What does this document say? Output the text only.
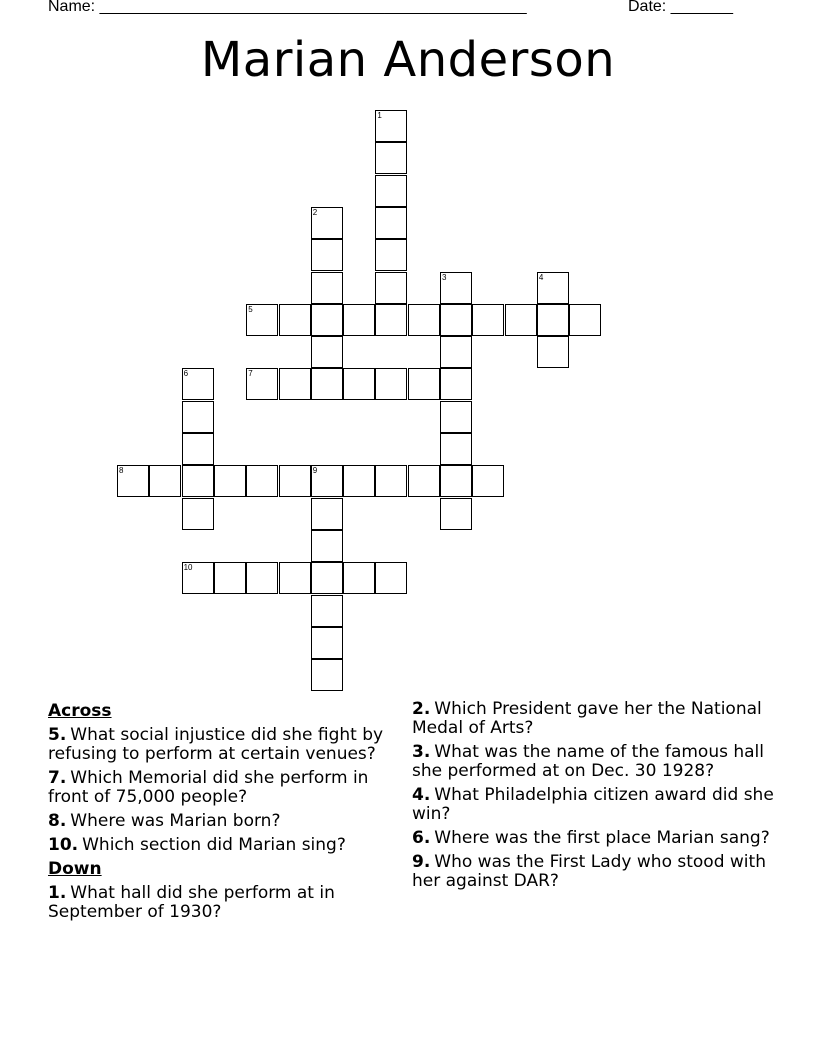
Name: ________________________________________________	Date: _______
Marian Anderson
1
2
3	4
5
6	7
8	9
10
Across
5. What social injustice did she fight by refusing to perform at certain venues?
7. Which Memorial did she perform in front of 75,000 people?
8. Where was Marian born?
10. Which section did Marian sing?
Down
1. What hall did she perform at in September of 1930?
2. Which President gave her the National Medal of Arts?
3. What was the name of the famous hall she performed at on Dec. 30 1928?
4. What Philadelphia citizen award did she win?
6. Where was the first place Marian sang?
9. Who was the First Lady who stood with her against DAR?
